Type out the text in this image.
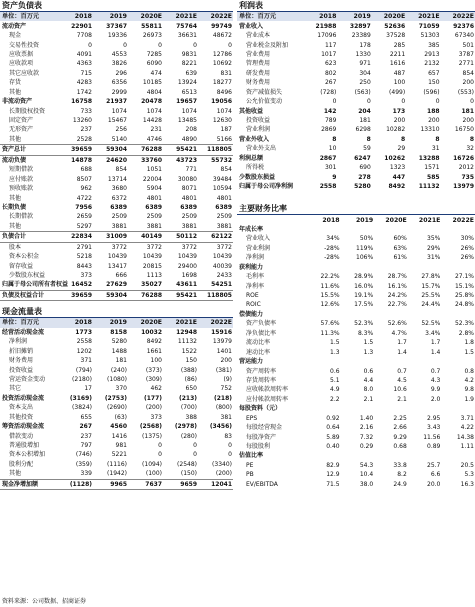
资产负债表
单位：百万元	2018	2019	2020E	2021E	2022E
流动资产	22901	37367	55811	75764	99749
现金	7708	19336	26973	36631	48672
交易性投资	0	0	0	0	0
应收票据	4091	4553	7285	9831	12786
应收款项	4363	3826	6090	8221	10692
其它应收款	715	296	474	639	831
存货	4283	6356	10185	13924	18277
其他	1742	2999	4804	6513	8496
非流动资产	16758	21937	20478	19657	19056
长期股权投资	733	1074	1074	1074	1074
固定资产	13260	15467	14428	13485	12630
无形资产	237	256	231	208	187
其他	2528	5140	4746	4890	5166
资产总计	39659	59304	76288	95421	118805
流动负债	14878	24620	33760	43723	55732
短期借款	688	854	1051	771	854
应付账款	8507	13714	22004	30080	39484
预收账款	962	3680	5904	8071	10594
其他	4722	6372	4801	4801	4801
长期负债	7956	6389	6389	6389	6389
长期借款	2659	2509	2509	2509	2509
其他	5297	3881	3881	3881	3881
负债合计	22834	31009	40149	50112	62122
股本	2791	3772	3772	3772	3772
资本公积金	5218	10439	10439	10439	10439
留存收益	8443	13417	20815	29400	40039
少数股东权益	373	666	1113	1698	2433
归属于母公司所有者权益	16452	27629	35027	43611	54251
负债及权益合计	39659	59304	76288	95421	118805
现金流量表
单位：百万元	2018	2019	2020E	2021E	2022E
经营活动现金流	1773	8158	10032	12948	15916
净利润	2558	5280	8492	11132	13979
折旧摊销	1202	1488	1661	1522	1401
财务费用	371	181	100	150	200
投资收益	(794)	(240)	(373)	(388)	(381)
营运资金变动	(2180)	(1080)	(309)	(86)	(9)
其它	17	370	462	650	752
投资活动现金流	(3169)	(2753)	(177)	(213)	(218)
资本支出	(3824)	(2690)	(200)	(700)	(800)
其他投资	655	(63)	373	388	381
筹资活动现金流	267	4560	(2568)	(2978)	(3456)
借款变动	237	1416	(1375)	(280)	83
普通股增加	797	981	0	0	0
资本公积增加	(746)	5221	0	0	0
股利分配	(359)	(1116)	(1094)	(2548)	(3340)
其他	339	(1942)	(100)	(150)	(200)
现金净增加额	(1128)	9965	7637	9659	12041
利润表
单位：百万元	2018	2019	2020E	2021E	2022E
营业收入	21988	32897	52636	71059	92376
营业成本	17096	23389	37528	51303	67340
营业税金及附加	117	178	285	385	501
营业费用	1017	1330	2211	2913	3787
管理费用	623	971	1616	2132	2771
研发费用	802	304	487	657	854
财务费用	267	250	100	150	200
资产减值损失	(728)	(563)	(499)	(596)	(553)
公允价值变动	0	0	0	0	0
其他收益	142	204	173	188	181
投资收益	789	181	200	200	200
营业利润	2869	6298	10282	13310	16750
营业外收入	8	8	8	8	8
营业外支出	10	59	29	31	32
利润总额	2867	6247	10262	13288	16726
所得税	301	690	1323	1571	2012
少数股东损益	9	278	447	585	735
归属于母公司净利润	2558	5280	8492	11132	13979
主要财务比率
	2018	2019	2020E	2021E	2022E
年成长率					
营业收入	34%	50%	60%	35%	30%
营业利润	-28%	119%	63%	29%	26%
净利润	-28%	106%	61%	31%	26%
获利能力					
毛利率	22.2%	28.9%	28.7%	27.8%	27.1%
净利率	11.6%	16.0%	16.1%	15.7%	15.1%
ROE	15.5%	19.1%	24.2%	25.5%	25.8%
ROIC	12.6%	17.5%	22.7%	24.4%	24.8%
偿债能力					
资产负债率	57.6%	52.3%	52.6%	52.5%	52.3%
净负债比率	11.3%	8.3%	4.7%	3.4%	2.8%
流动比率	1.5	1.5	1.7	1.7	1.8
速动比率	1.3	1.3	1.4	1.4	1.5
营运能力					
资产周转率	0.6	0.6	0.7	0.7	0.8
存货周转率	5.1	4.4	4.5	4.3	4.2
应收帐款周转率	4.9	8.0	10.6	9.9	9.8
应付帐款周转率	2.2	2.1	2.1	2.0	1.9
每股资料（元）					
EPS	0.92	1.40	2.25	2.95	3.71
每股经营现金	0.64	2.16	2.66	3.43	4.22
每股净资产	5.89	7.32	9.29	11.56	14.38
每股股利	0.40	0.29	0.68	0.89	1.11
估值比率					
PE	82.9	54.3	33.8	25.7	20.5
PB	12.9	10.4	8.2	6.6	5.3
EV/EBITDA	71.5	38.0	24.9	20.0	16.3
资料来源：公司数据、招商证券
